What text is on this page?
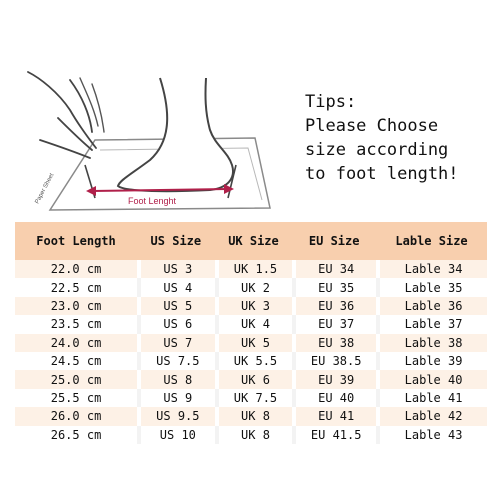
Foot Lenght
Paper Sheet
Tips:
Please Choose
size according
to foot length!
Foot Length	US Size	UK Size	EU Size	Lable Size
22.0 cm	US 3	UK 1.5	EU 34	Lable 34
22.5 cm	US 4	UK 2	EU 35	Lable 35
23.0 cm	US 5	UK 3	EU 36	Lable 36
23.5 cm	US 6	UK 4	EU 37	Lable 37
24.0 cm	US 7	UK 5	EU 38	Lable 38
24.5 cm	US 7.5	UK 5.5	EU 38.5	Lable 39
25.0 cm	US 8	UK 6	EU 39	Lable 40
25.5 cm	US 9	UK 7.5	EU 40	Lable 41
26.0 cm	US 9.5	UK 8	EU 41	Lable 42
26.5 cm	US 10	UK 8	EU 41.5	Lable 43
